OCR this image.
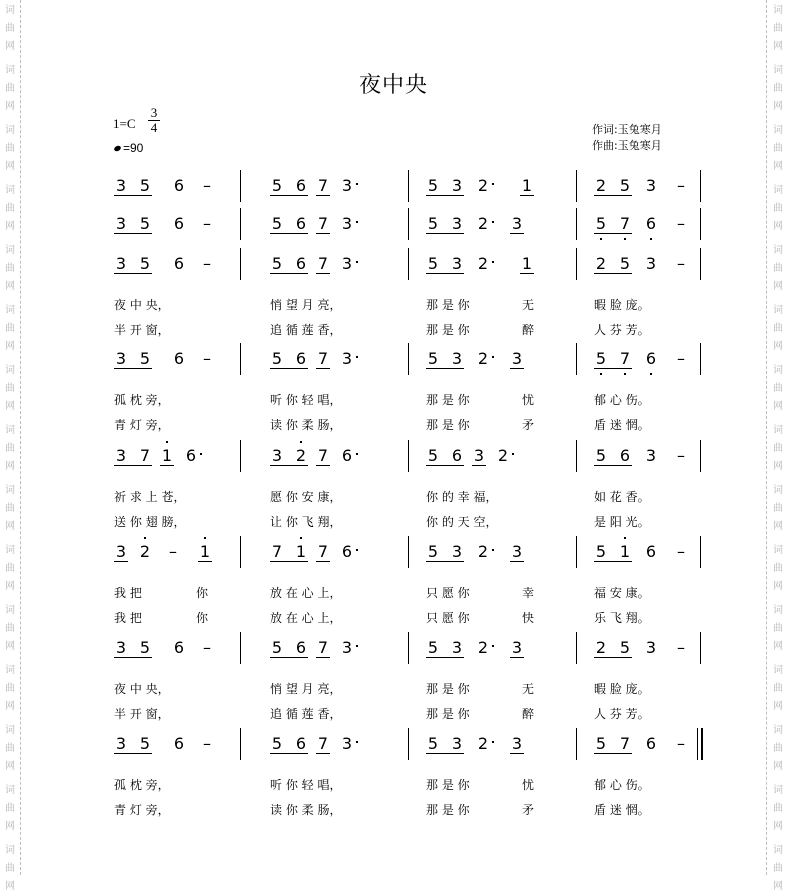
词
曲
网
词
曲
网
词
曲
网
词
曲
网
词
曲
网
词
曲
网
词
曲
网
词
曲
网
词
曲
网
词
曲
网
词
曲
网
词
曲
网
词
曲
网
词
曲
网
词
曲
网
词
曲
网
词
曲
网
词
曲
网
词
曲
网
词
曲
网
词
曲
网
词
曲
网
词
曲
网
词
曲
网
词
曲
网
词
曲
网
词
曲
网
词
曲
网
词
曲
网
词
曲
网
夜中央
$1=C \frac{3}{4}$
=90
作词:玉兔寒月
作曲:玉兔寒月
3 5 6 –	5 6 7 3	5 3 2 1	2 5 3 –
3 5 6 –	5 6 7 3	5 3 2 3	5 7 6 –
3 5 6 –	5 6 7 3	5 3 2 1	2 5 3 –
夜 中 央，	悄 望 月 亮，	那 是 你	无	暇 脸 庞。
半 开 窗，	追 循 莲 香，	那 是 你	醉	人 芬 芳。
3 5 6 –	5 6 7 3	5 3 2 3	5 7 6 –
孤 枕 旁，	听 你 轻 唱，	那 是 你	忧	郁 心 伤。
青 灯 旁，	读 你 柔 肠，	那 是 你	矛	盾 迷 惘。
3 7 1 6	3 2 7 6	5 6 3 2	5 6 3 –
祈 求 上 苍，	愿 你 安 康，	你 的 幸 福，	如 花 香。
送 你 翅 膀，	让 你 飞 翔，	你 的 天 空，	是 阳 光。
3 2 – 1	7 1 7 6	5 3 2 3	5 1 6 –
我 把	你	放 在 心 上，	只 愿 你	幸	福 安 康。
我 把	你	放 在 心 上，	只 愿 你	快	乐 飞 翔。
3 5 6 –	5 6 7 3	5 3 2 3	2 5 3 –
夜 中 央，	悄 望 月 亮，	那 是 你	无	暇 脸 庞。
半 开 窗，	追 循 莲 香，	那 是 你	醉	人 芬 芳。
3 5 6 –	5 6 7 3	5 3 2 3	5 7 6 –
孤 枕 旁，	听 你 轻 唱，	那 是 你	忧	郁 心 伤。
青 灯 旁，	读 你 柔 肠，	那 是 你	矛	盾 迷 惘。
